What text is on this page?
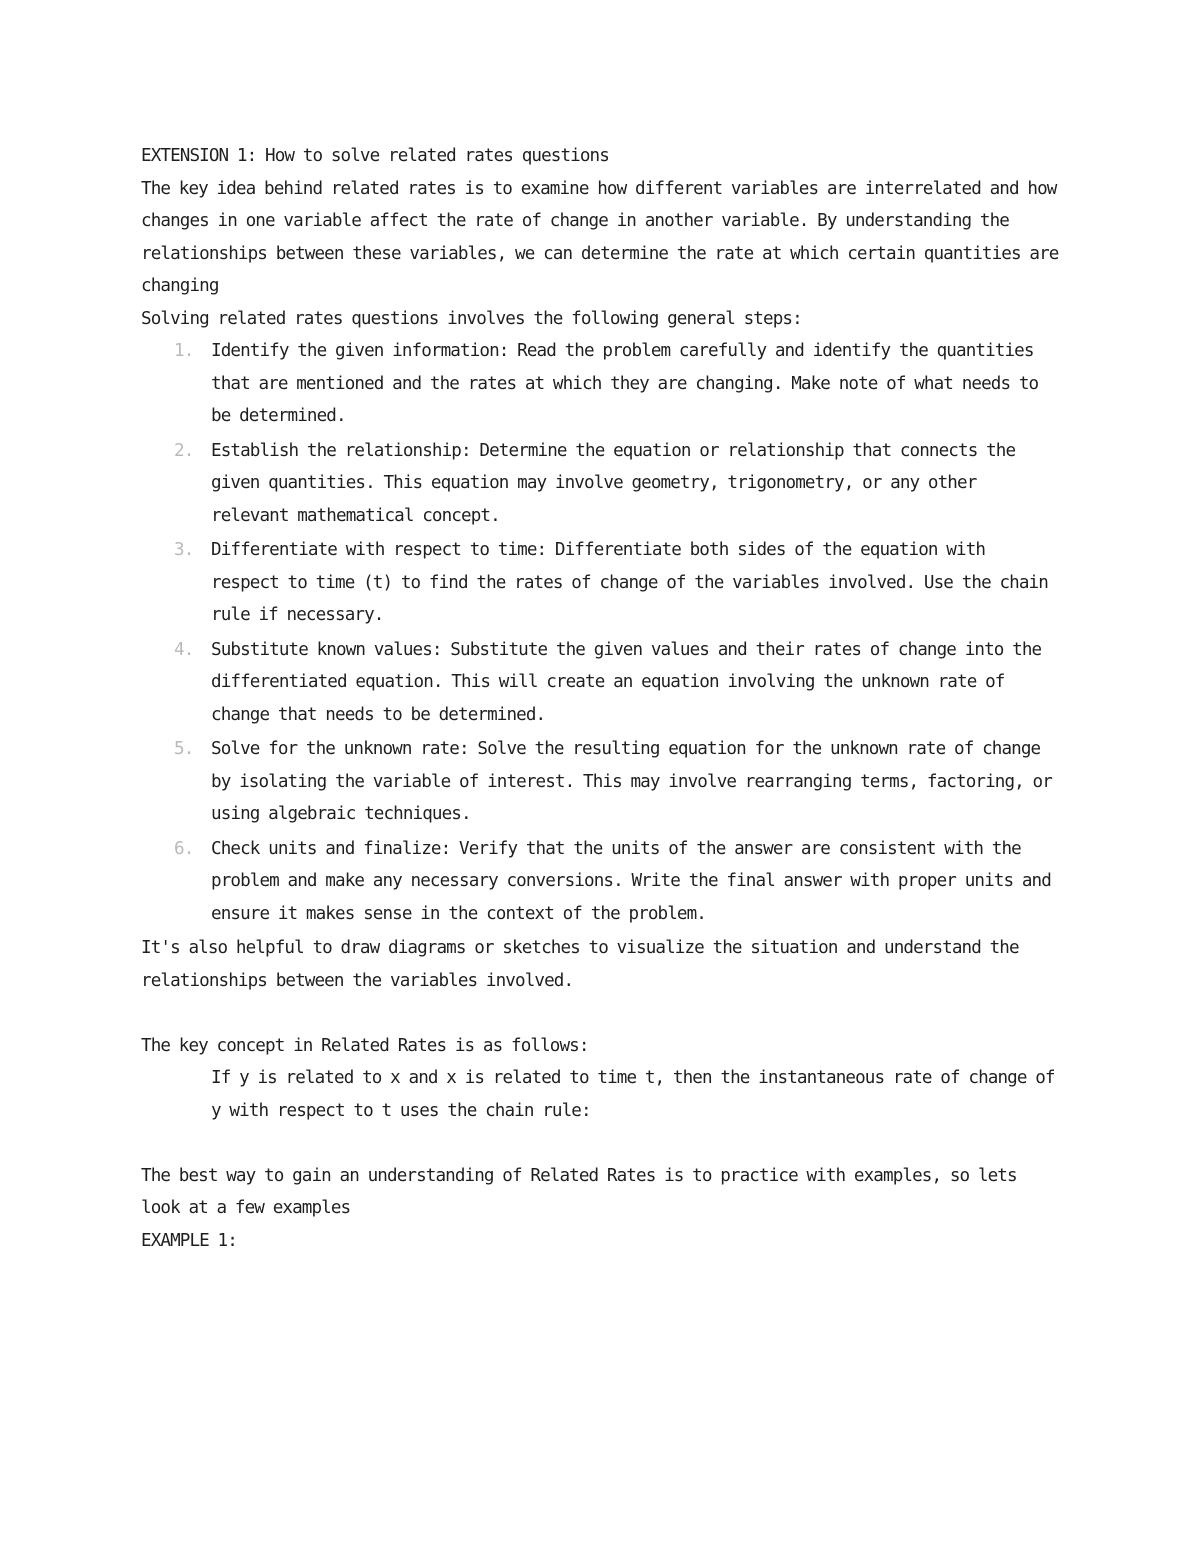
EXTENSION 1: How to solve related rates questions

The key idea behind related rates is to examine how different variables are interrelated and how changes in one variable affect the rate of change in another variable. By understanding the relationships between these variables, we can determine the rate at which certain quantities are changing

Solving related rates questions involves the following general steps:

1. Identify the given information: Read the problem carefully and identify the quantities that are mentioned and the rates at which they are changing. Make note of what needs to be determined.
2. Establish the relationship: Determine the equation or relationship that connects the given quantities. This equation may involve geometry, trigonometry, or any other relevant mathematical concept.
3. Differentiate with respect to time: Differentiate both sides of the equation with respect to time (t) to find the rates of change of the variables involved. Use the chain rule if necessary.
4. Substitute known values: Substitute the given values and their rates of change into the differentiated equation. This will create an equation involving the unknown rate of change that needs to be determined.
5. Solve for the unknown rate: Solve the resulting equation for the unknown rate of change by isolating the variable of interest. This may involve rearranging terms, factoring, or using algebraic techniques.
6. Check units and finalize: Verify that the units of the answer are consistent with the problem and make any necessary conversions. Write the final answer with proper units and ensure it makes sense in the context of the problem.

It's also helpful to draw diagrams or sketches to visualize the situation and understand the relationships between the variables involved.

The key concept in Related Rates is as follows:

If y is related to x and x is related to time t, then the instantaneous rate of change of

y with respect to t uses the chain rule:

The best way to gain an understanding of Related Rates is to practice with examples, so lets look at a few examples

EXAMPLE 1:
